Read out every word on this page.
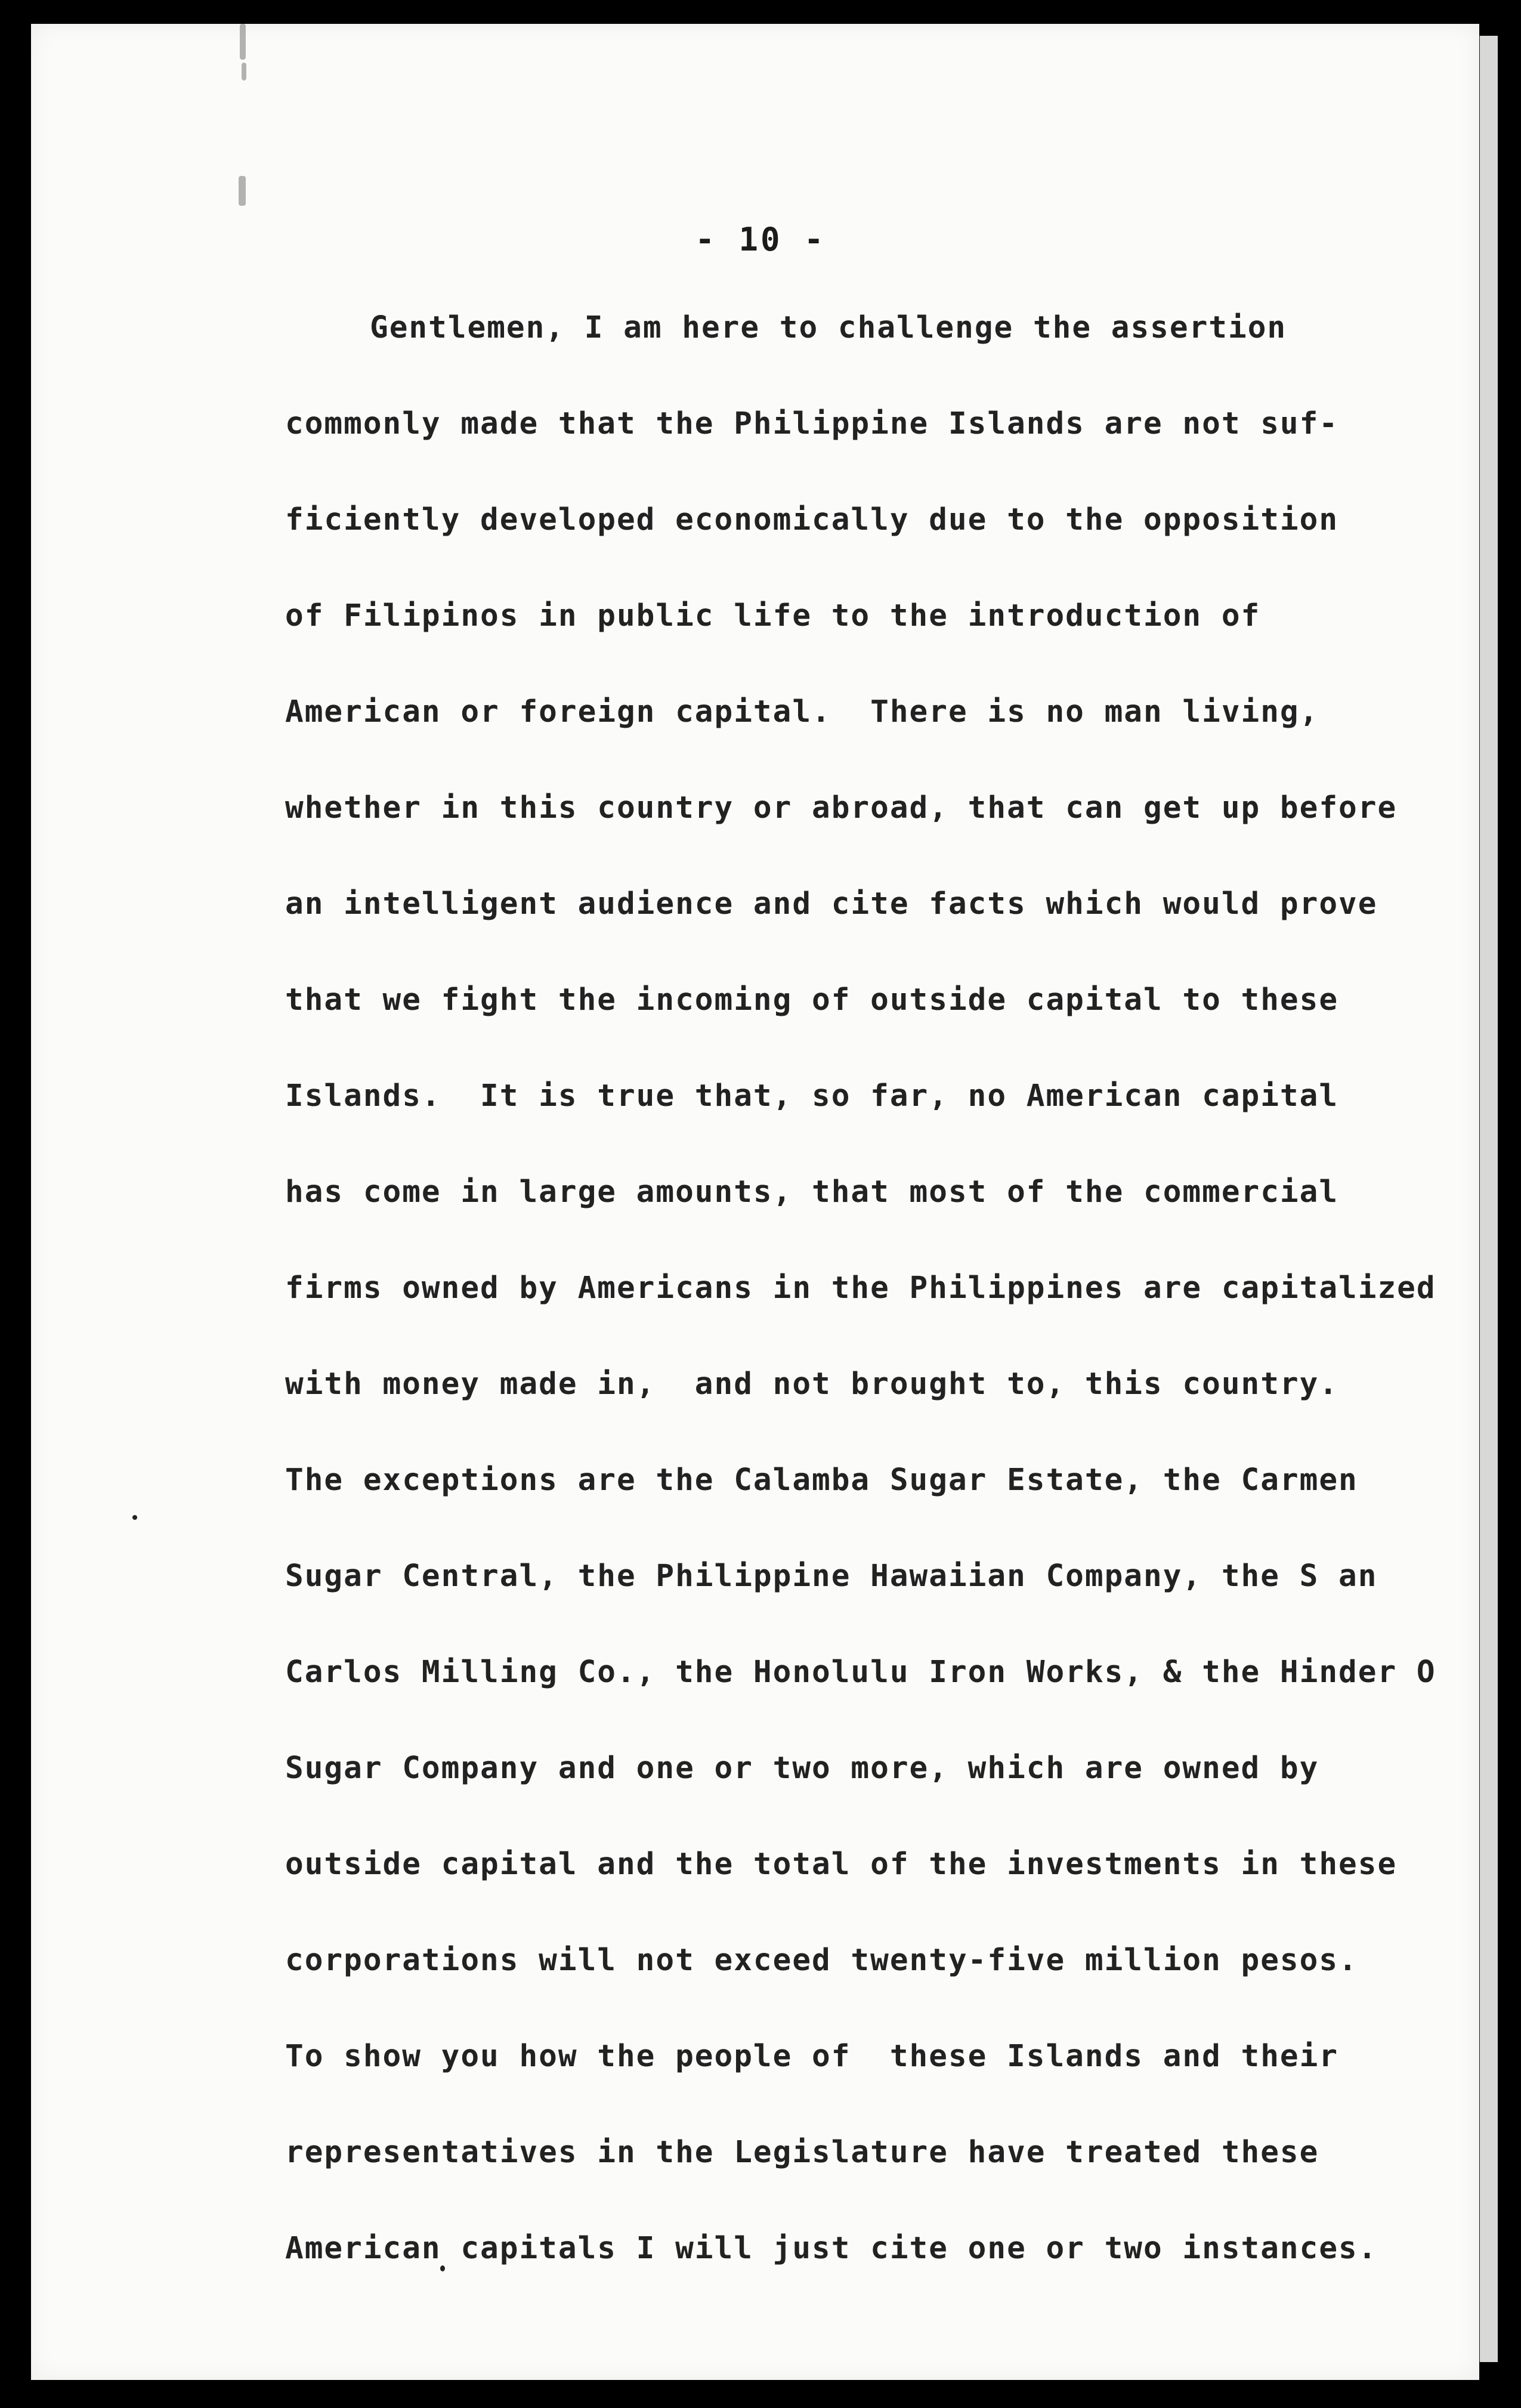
- 10 -
Gentlemen, I am here to challenge the assertion
commonly made that the Philippine Islands are not suf-
ficiently developed economically due to the opposition
of Filipinos in public life to the introduction of
American or foreign capital.  There is no man living,
whether in this country or abroad, that can get up before
an intelligent audience and cite facts which would prove
that we fight the incoming of outside capital to these
Islands.  It is true that, so far, no American capital
has come in large amounts, that most of the commercial
firms owned by Americans in the Philippines are capitalized
with money made in,  and not brought to, this country.
The exceptions are the Calamba Sugar Estate, the Carmen
Sugar Central, the Philippine Hawaiian Company, the S an
Carlos Milling Co., the Honolulu Iron Works, & the Hinder O
Sugar Company and one or two more, which are owned by
outside capital and the total of the investments in these
corporations will not exceed twenty-five million pesos.
To show you how the people of  these Islands and their
representatives in the Legislature have treated these
American capitals I will just cite one or two instances.
